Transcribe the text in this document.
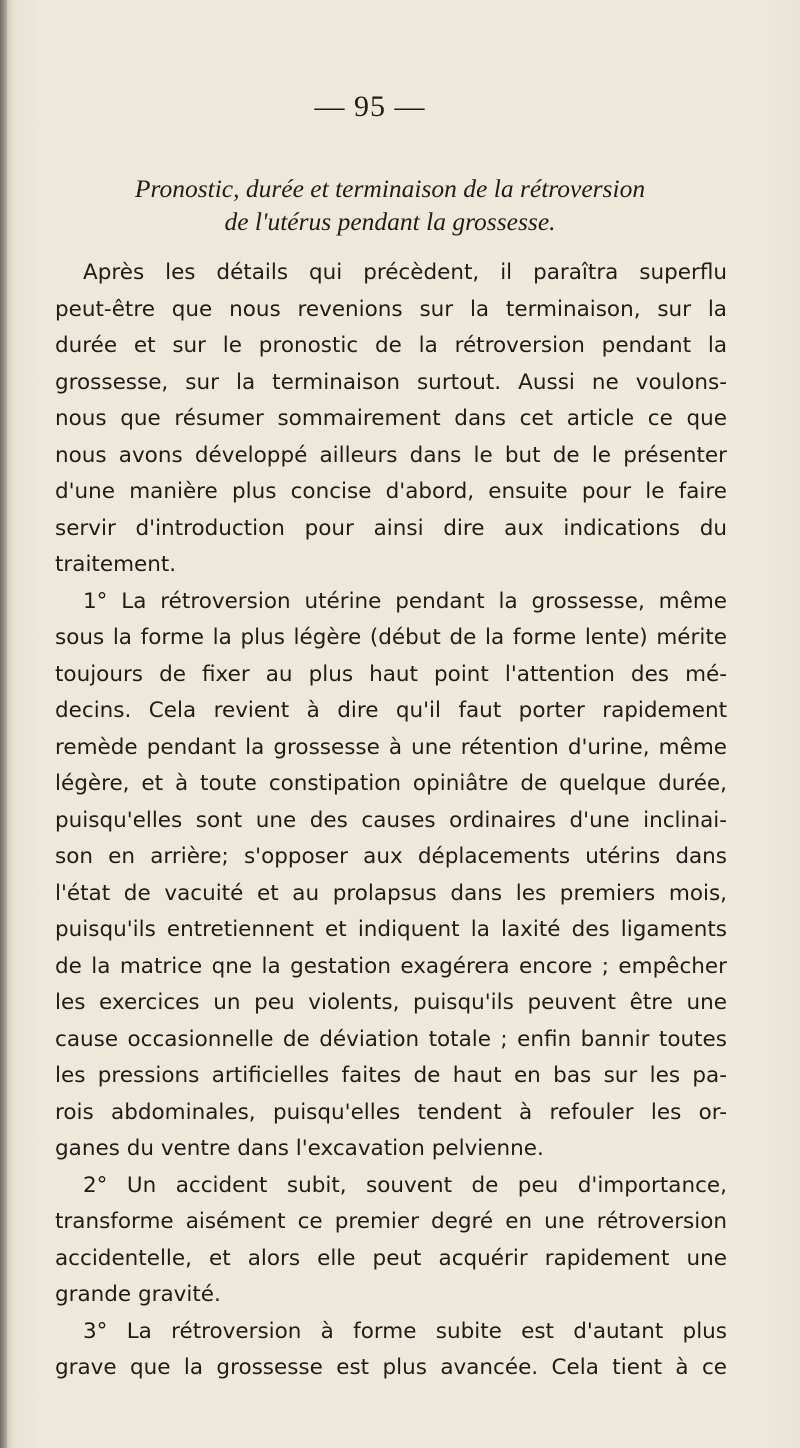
— 95 —
Pronostic, durée et terminaison de la rétroversion
de l'utérus pendant la grossesse.
Après les détails qui précèdent, il paraîtra superflu
peut-être que nous revenions sur la terminaison, sur la
durée et sur le pronostic de la rétroversion pendant la
grossesse, sur la terminaison surtout. Aussi ne voulons-
nous que résumer sommairement dans cet article ce que
nous avons développé ailleurs dans le but de le présenter
d'une manière plus concise d'abord, ensuite pour le faire
servir d'introduction pour ainsi dire aux indications du
traitement.
1° La rétroversion utérine pendant la grossesse, même
sous la forme la plus légère (début de la forme lente) mérite
toujours de fixer au plus haut point l'attention des mé-
decins. Cela revient à dire qu'il faut porter rapidement
remède pendant la grossesse à une rétention d'urine, même
légère, et à toute constipation opiniâtre de quelque durée,
puisqu'elles sont une des causes ordinaires d'une inclinai-
son en arrière; s'opposer aux déplacements utérins dans
l'état de vacuité et au prolapsus dans les premiers mois,
puisqu'ils entretiennent et indiquent la laxité des ligaments
de la matrice qne la gestation exagérera encore ; empêcher
les exercices un peu violents, puisqu'ils peuvent être une
cause occasionnelle de déviation totale ; enfin bannir toutes
les pressions artificielles faites de haut en bas sur les pa-
rois abdominales, puisqu'elles tendent à refouler les or-
ganes du ventre dans l'excavation pelvienne.
2° Un accident subit, souvent de peu d'importance,
transforme aisément ce premier degré en une rétroversion
accidentelle, et alors elle peut acquérir rapidement une
grande gravité.
3° La rétroversion à forme subite est d'autant plus
grave que la grossesse est plus avancée. Cela tient à ce
